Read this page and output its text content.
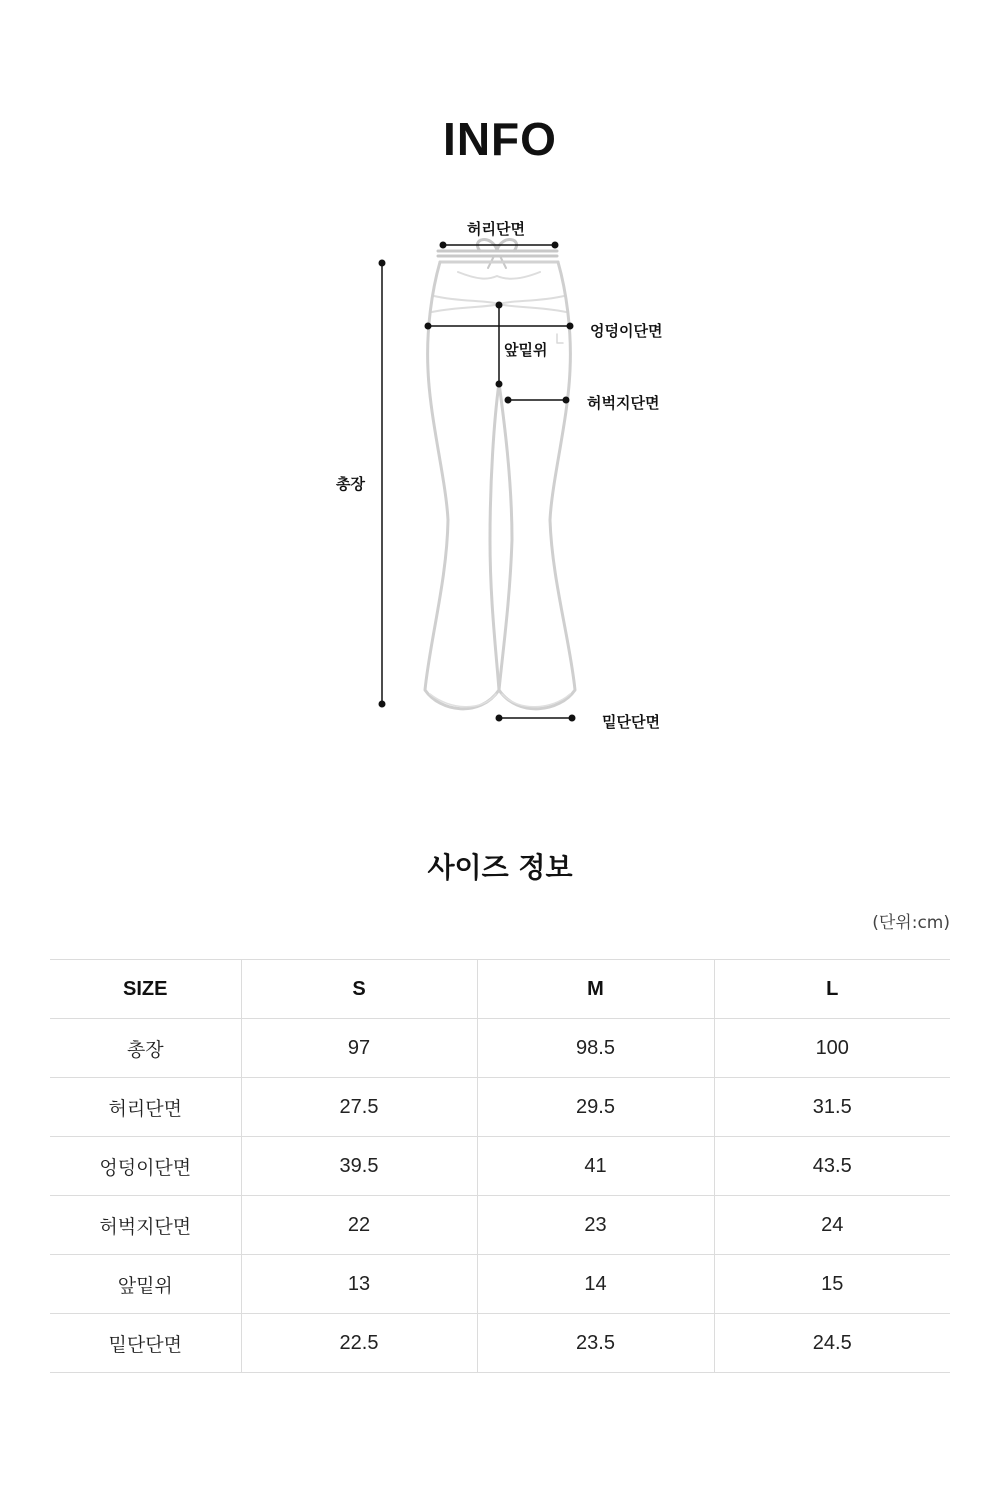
INFO
허리단면
엉덩이단면
앞밑위
허벅지단면
총장
밑단단면
사이즈 정보
(단위:cm)
SIZE	S	M	L
총장	97	98.5	100
허리단면	27.5	29.5	31.5
엉덩이단면	39.5	41	43.5
허벅지단면	22	23	24
앞밑위	13	14	15
밑단단면	22.5	23.5	24.5
